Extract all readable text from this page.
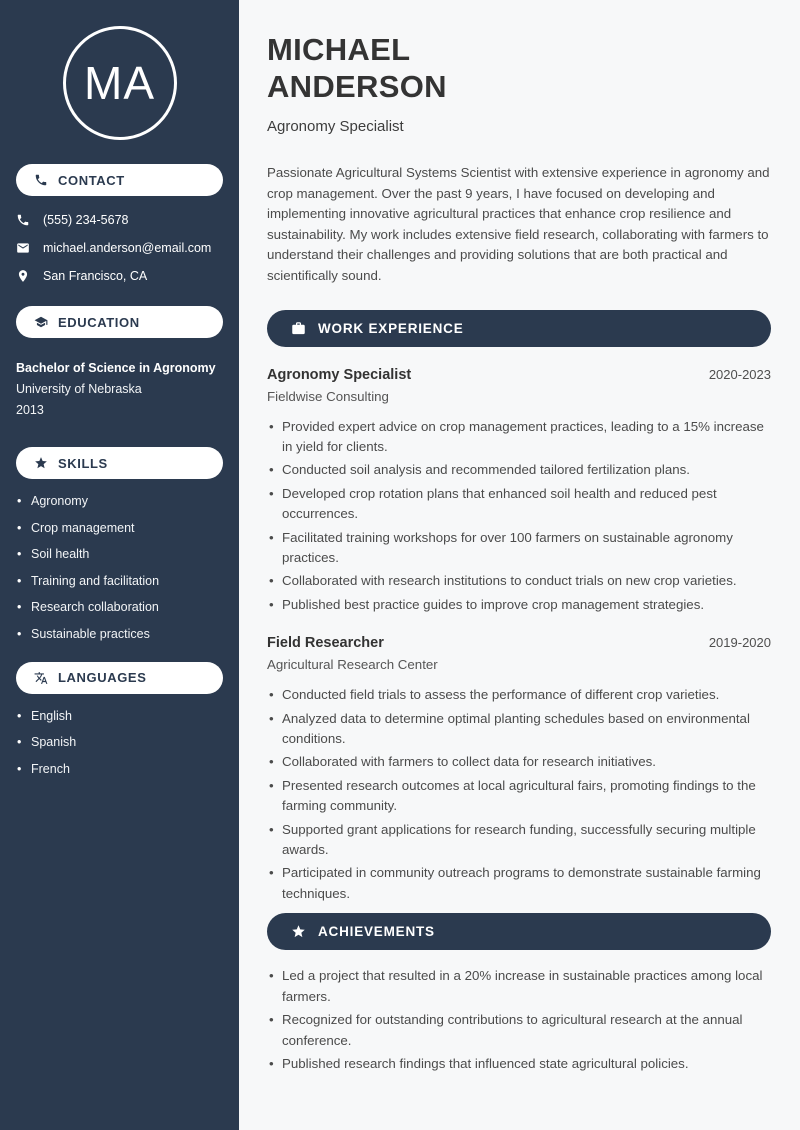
MA
CONTACT
(555) 234-5678
michael.anderson@email.com
San Francisco, CA
EDUCATION
Bachelor of Science in Agronomy
University of Nebraska
2013
SKILLS
• Agronomy
• Crop management
• Soil health
• Training and facilitation
• Research collaboration
• Sustainable practices
LANGUAGES
• English
• Spanish
• French
MICHAEL
ANDERSON
Agronomy Specialist

Passionate Agricultural Systems Scientist with extensive experience in agronomy and crop management. Over the past 9 years, I have focused on developing and implementing innovative agricultural practices that enhance crop resilience and sustainability. My work includes extensive field research, collaborating with farmers to understand their challenges and providing solutions that are both practical and scientifically sound.

WORK EXPERIENCE
Agronomy Specialist	2020-2023
Fieldwise Consulting
• Provided expert advice on crop management practices, leading to a 15% increase in yield for clients.
• Conducted soil analysis and recommended tailored fertilization plans.
• Developed crop rotation plans that enhanced soil health and reduced pest occurrences.
• Facilitated training workshops for over 100 farmers on sustainable agronomy practices.
• Collaborated with research institutions to conduct trials on new crop varieties.
• Published best practice guides to improve crop management strategies.
Field Researcher	2019-2020
Agricultural Research Center
• Conducted field trials to assess the performance of different crop varieties.
• Analyzed data to determine optimal planting schedules based on environmental conditions.
• Collaborated with farmers to collect data for research initiatives.
• Presented research outcomes at local agricultural fairs, promoting findings to the farming community.
• Supported grant applications for research funding, successfully securing multiple awards.
• Participated in community outreach programs to demonstrate sustainable farming techniques.
ACHIEVEMENTS
• Led a project that resulted in a 20% increase in sustainable practices among local farmers.
• Recognized for outstanding contributions to agricultural research at the annual conference.
• Published research findings that influenced state agricultural policies.
